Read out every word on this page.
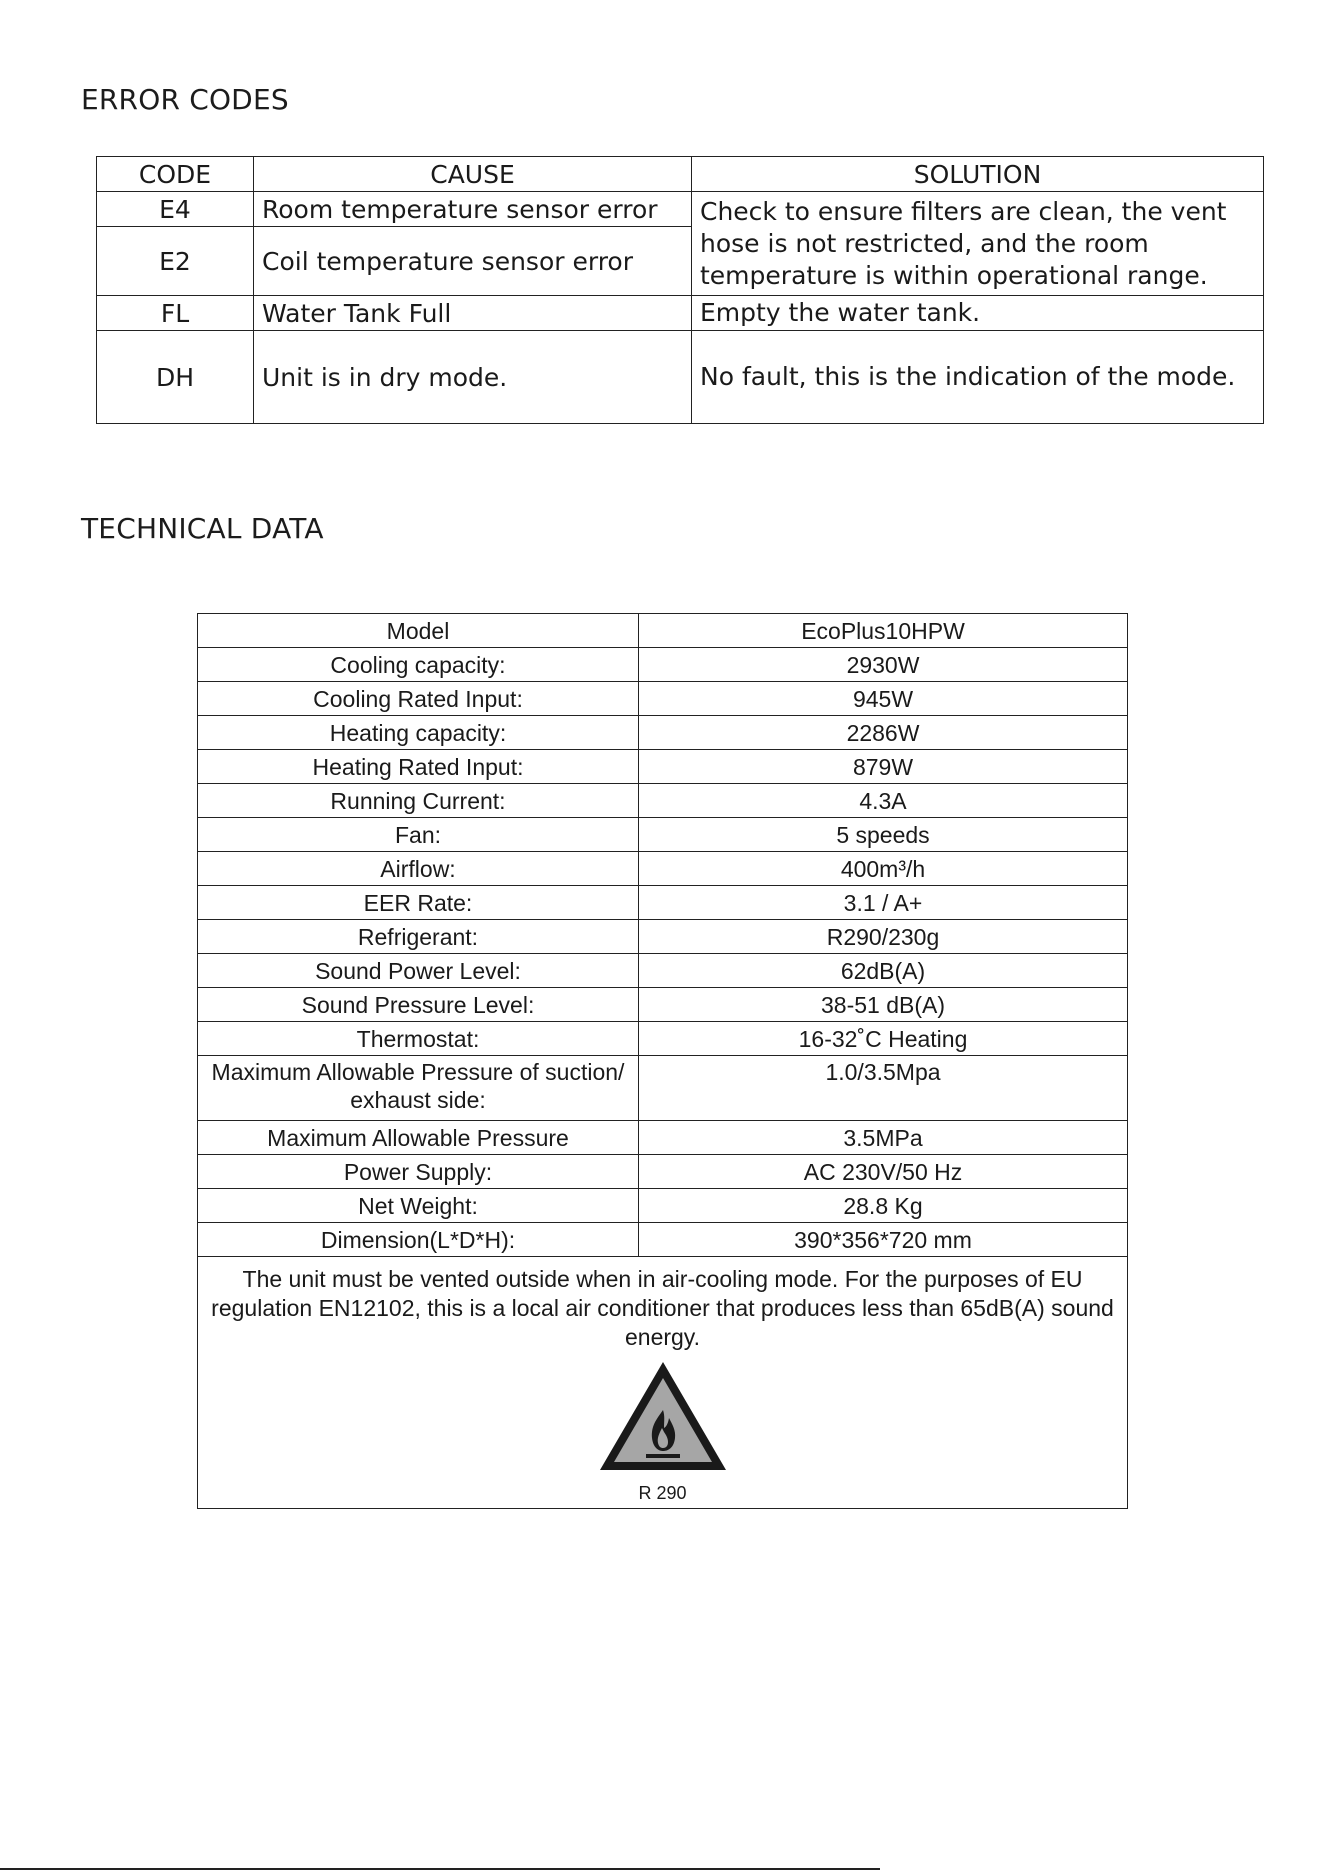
ERROR CODES
CODE	CAUSE	SOLUTION
E4	Room temperature sensor error	Check to ensure filters are clean, the vent hose is not restricted, and the room temperature is within operational range.
E2	Coil temperature sensor error	
FL	Water Tank Full	Empty the water tank.
DH	Unit is in dry mode.	No fault, this is the indication of the mode.
TECHNICAL DATA
Model	EcoPlus10HPW
Cooling capacity:	2930W
Cooling Rated Input:	945W
Heating capacity:	2286W
Heating Rated Input:	879W
Running Current:	4.3A
Fan:	5 speeds
Airflow:	400m³/h
EER Rate:	3.1 / A+
Refrigerant:	R290/230g
Sound Power Level:	62dB(A)
Sound Pressure Level:	38-51 dB(A)
Thermostat:	16-32˚C Heating
Maximum Allowable Pressure of suction/ exhaust side:	1.0/3.5Mpa
Maximum Allowable Pressure	3.5MPa
Power Supply:	AC 230V/50 Hz
Net Weight:	28.8 Kg
Dimension(L*D*H):	390*356*720 mm

The unit must be vented outside when in air-cooling mode. For the purposes of EU regulation EN12102, this is a local air conditioner that produces less than 65dB(A) sound energy.
R 290	
